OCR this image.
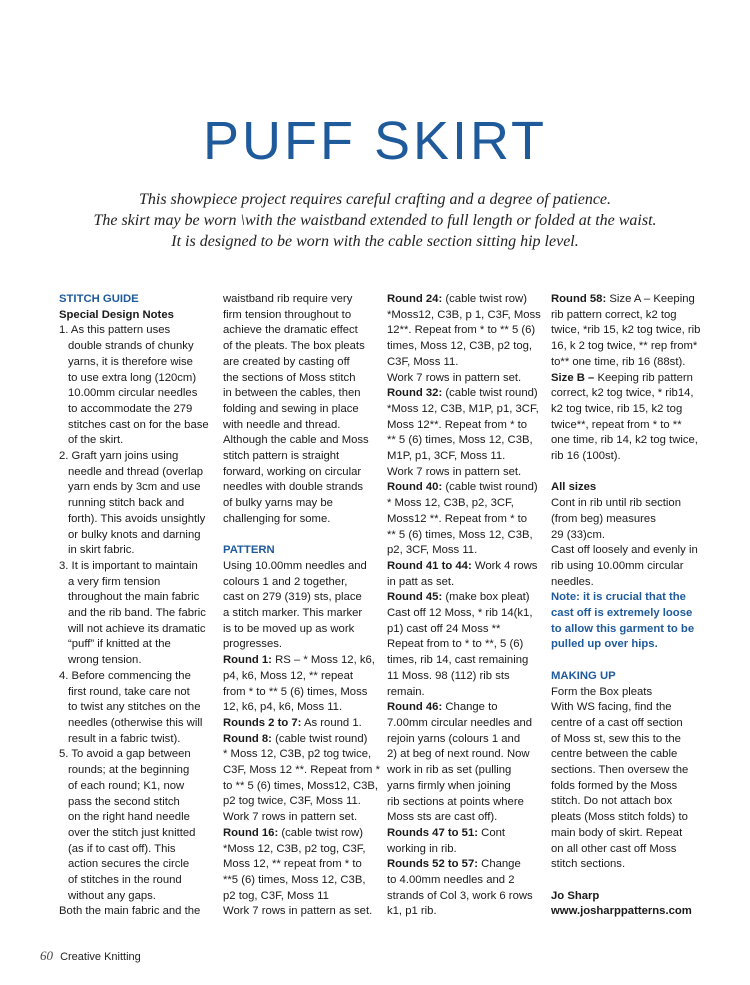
PUFF SKIRT
This showpiece project requires careful crafting and a degree of patience.
The skirt may be worn \with the waistband extended to full length or folded at the waist.
It is designed to be worn with the cable section sitting hip level.
STITCH GUIDE
Special Design Notes
1. As this pattern uses
double strands of chunky
yarns, it is therefore wise
to use extra long (120cm)
10.00mm circular needles
to accommodate the 279
stitches cast on for the base
of the skirt.
2. Graft yarn joins using
needle and thread (overlap
yarn ends by 3cm and use
running stitch back and
forth). This avoids unsightly
or bulky knots and darning
in skirt fabric.
3. It is important to maintain
a very firm tension
throughout the main fabric
and the rib band. The fabric
will not achieve its dramatic
“puff” if knitted at the
wrong tension.
4. Before commencing the
first round, take care not
to twist any stitches on the
needles (otherwise this will
result in a fabric twist).
5. To avoid a gap between
rounds; at the beginning
of each round; K1, now
pass the second stitch
on the right hand needle
over the stitch just knitted
(as if to cast off). This
action secures the circle
of stitches in the round
without any gaps.
Both the main fabric and the
waistband rib require very
firm tension throughout to
achieve the dramatic effect
of the pleats. The box pleats
are created by casting off
the sections of Moss stitch
in between the cables, then
folding and sewing in place
with needle and thread.
Although the cable and Moss
stitch pattern is straight
forward, working on circular
needles with double strands
of bulky yarns may be
challenging for some.
PATTERN
Using 10.00mm needles and
colours 1 and 2 together,
cast on 279 (319) sts, place
a stitch marker. This marker
is to be moved up as work
progresses.
Round 1: RS – * Moss 12, k6,
p4, k6, Moss 12, ** repeat
from * to ** 5 (6) times, Moss
12, k6, p4, k6, Moss 11.
Rounds 2 to 7: As round 1.
Round 8: (cable twist round)
* Moss 12, C3B, p2 tog twice,
C3F, Moss 12 **. Repeat from *
to ** 5 (6) times, Moss12, C3B,
p2 tog twice, C3F, Moss 11.
Work 7 rows in pattern set.
Round 16: (cable twist row)
*Moss 12, C3B, p2 tog, C3F,
Moss 12, ** repeat from * to
**5 (6) times, Moss 12, C3B,
p2 tog, C3F, Moss 11
Work 7 rows in pattern as set.
Round 24: (cable twist row)
*Moss12, C3B, p 1, C3F, Moss
12**. Repeat from * to ** 5 (6)
times, Moss 12, C3B, p2 tog,
C3F, Moss 11.
Work 7 rows in pattern set.
Round 32: (cable twist round)
*Moss 12, C3B, M1P, p1, 3CF,
Moss 12**. Repeat from * to
** 5 (6) times, Moss 12, C3B,
M1P, p1, 3CF, Moss 11.
Work 7 rows in pattern set.
Round 40: (cable twist round)
* Moss 12, C3B, p2, 3CF,
Moss12 **. Repeat from * to
** 5 (6) times, Moss 12, C3B,
p2, 3CF, Moss 11.
Round 41 to 44: Work 4 rows
in patt as set.
Round 45: (make box pleat)
Cast off 12 Moss, * rib 14(k1,
p1) cast off 24 Moss **
Repeat from to * to **, 5 (6)
times, rib 14, cast remaining
11 Moss. 98 (112) rib sts
remain.
Round 46: Change to
7.00mm circular needles and
rejoin yarns (colours 1 and
2) at beg of next round. Now
work in rib as set (pulling
yarns firmly when joining
rib sections at points where
Moss sts are cast off).
Rounds 47 to 51: Cont
working in rib.
Rounds 52 to 57: Change
to 4.00mm needles and 2
strands of Col 3, work 6 rows
k1, p1 rib.
Round 58: Size A – Keeping
rib pattern correct, k2 tog
twice, *rib 15, k2 tog twice, rib
16, k 2 tog twice, ** rep from*
to** one time, rib 16 (88st).
Size B – Keeping rib pattern
correct, k2 tog twice, * rib14,
k2 tog twice, rib 15, k2 tog
twice**, repeat from * to **
one time, rib 14, k2 tog twice,
rib 16 (100st).
All sizes
Cont in rib until rib section
(from beg) measures
29 (33)cm.
Cast off loosely and evenly in
rib using 10.00mm circular
needles.
Note: it is crucial that the
cast off is extremely loose
to allow this garment to be
pulled up over hips.
MAKING UP
Form the Box pleats
With WS facing, find the
centre of a cast off section
of Moss st, sew this to the
centre between the cable
sections. Then oversew the
folds formed by the Moss
stitch. Do not attach box
pleats (Moss stitch folds) to
main body of skirt. Repeat
on all other cast off Moss
stitch sections.
Jo Sharp
www.josharppatterns.com
60 Creative Knitting
